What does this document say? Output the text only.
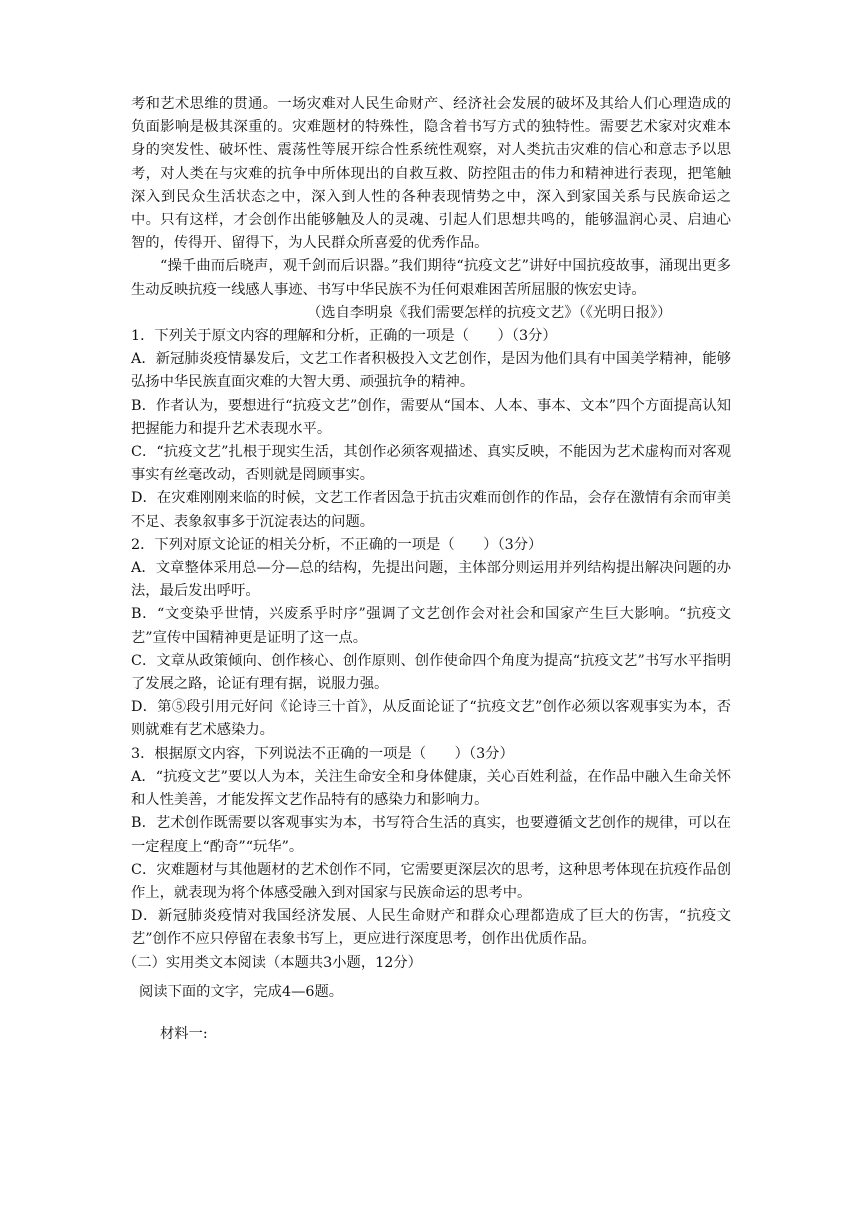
考和艺术思维的贯通。一场灾难对人民生命财产、经济社会发展的破坏及其给人们心理造成的负面影响是极其深重的。灾难题材的特殊性，隐含着书写方式的独特性。需要艺术家对灾难本身的突发性、破坏性、震荡性等展开综合性系统性观察，对人类抗击灾难的信心和意志予以思考，对人类在与灾难的抗争中所体现出的自救互救、防控阻击的伟力和精神进行表现，把笔触深入到民众生活状态之中，深入到人性的各种表现情势之中，深入到家国关系与民族命运之中。只有这样，才会创作出能够触及人的灵魂、引起人们思想共鸣的，能够温润心灵、启迪心智的，传得开、留得下，为人民群众所喜爱的优秀作品。

“操千曲而后晓声，观千剑而后识器。”我们期待“抗疫文艺”讲好中国抗疫故事，涌现出更多生动反映抗疫一线感人事迹、书写中华民族不为任何艰难困苦所屈服的恢宏史诗。

（选自李明泉《我们需要怎样的抗疫文艺》（《光明日报》）

1．下列关于原文内容的理解和分析，正确的一项是（　　）（3分）

A．新冠肺炎疫情暴发后，文艺工作者积极投入文艺创作，是因为他们具有中国美学精神，能够弘扬中华民族直面灾难的大智大勇、顽强抗争的精神。

B．作者认为，要想进行“抗疫文艺”创作，需要从“国本、人本、事本、文本”四个方面提高认知把握能力和提升艺术表现水平。

C．“抗疫文艺”扎根于现实生活，其创作必须客观描述、真实反映，不能因为艺术虚构而对客观事实有丝毫改动，否则就是罔顾事实。

D．在灾难刚刚来临的时候，文艺工作者因急于抗击灾难而创作的作品，会存在激情有余而审美不足、表象叙事多于沉淀表达的问题。

2．下列对原文论证的相关分析，不正确的一项是（　　）（3分）

A．文章整体采用总—分—总的结构，先提出问题，主体部分则运用并列结构提出解决问题的办法，最后发出呼吁。

B．“文变染乎世情，兴废系乎时序”强调了文艺创作会对社会和国家产生巨大影响。“抗疫文艺”宣传中国精神更是证明了这一点。

C．文章从政策倾向、创作核心、创作原则、创作使命四个角度为提高“抗疫文艺”书写水平指明了发展之路，论证有理有据，说服力强。

D．第⑤段引用元好问《论诗三十首》，从反面论证了“抗疫文艺”创作必须以客观事实为本，否则就难有艺术感染力。

3．根据原文内容，下列说法不正确的一项是（　　）（3分）

A．“抗疫文艺”要以人为本，关注生命安全和身体健康，关心百姓利益，在作品中融入生命关怀和人性美善，才能发挥文艺作品特有的感染力和影响力。

B．艺术创作既需要以客观事实为本，书写符合生活的真实，也要遵循文艺创作的规律，可以在一定程度上“酌奇”“玩华”。

C．灾难题材与其他题材的艺术创作不同，它需要更深层次的思考，这种思考体现在抗疫作品创作上，就表现为将个体感受融入到对国家与民族命运的思考中。

D．新冠肺炎疫情对我国经济发展、人民生命财产和群众心理都造成了巨大的伤害，“抗疫文艺”创作不应只停留在表象书写上，更应进行深度思考，创作出优质作品。

（二）实用类文本阅读（本题共3小题，12分）

阅读下面的文字，完成4—6题。

材料一:
